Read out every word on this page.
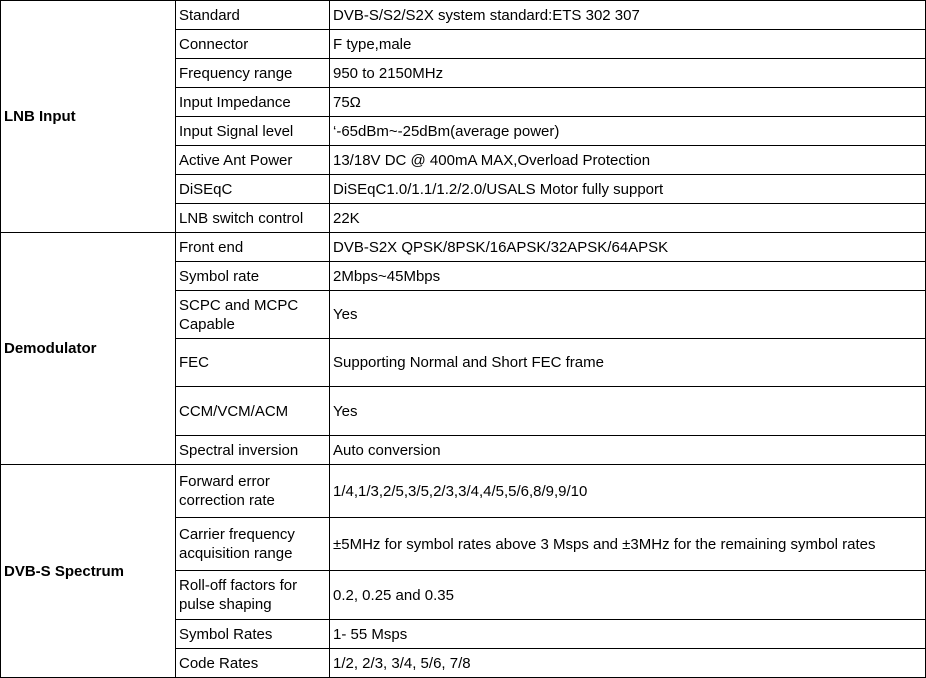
LNB Input	Standard	DVB-S/S2/S2X system standard:ETS 302 307
	Connector	F type,male
	Frequency range	950 to 2150MHz
	Input Impedance	75Ω
	Input Signal level	‘-65dBm~-25dBm(average power)
	Active Ant Power	13/18V DC @ 400mA MAX,Overload Protection
	DiSEqC	DiSEqC1.0/1.1/1.2/2.0/USALS Motor fully support
	LNB switch control	22K
Demodulator	Front end	DVB-S2X QPSK/8PSK/16APSK/32APSK/64APSK
	Symbol rate	2Mbps~45Mbps
	SCPC and MCPC Capable	Yes
	FEC	Supporting Normal and Short FEC frame
	CCM/VCM/ACM	Yes
	Spectral inversion	Auto conversion
DVB-S Spectrum	Forward error correction rate	1/4,1/3,2/5,3/5,2/3,3/4,4/5,5/6,8/9,9/10
	Carrier frequency acquisition range	±5MHz for symbol rates above 3 Msps and ±3MHz for the remaining symbol rates
	Roll-off factors for pulse shaping	0.2, 0.25 and 0.35
	Symbol Rates	1- 55 Msps
	Code Rates	1/2, 2/3, 3/4, 5/6, 7/8
